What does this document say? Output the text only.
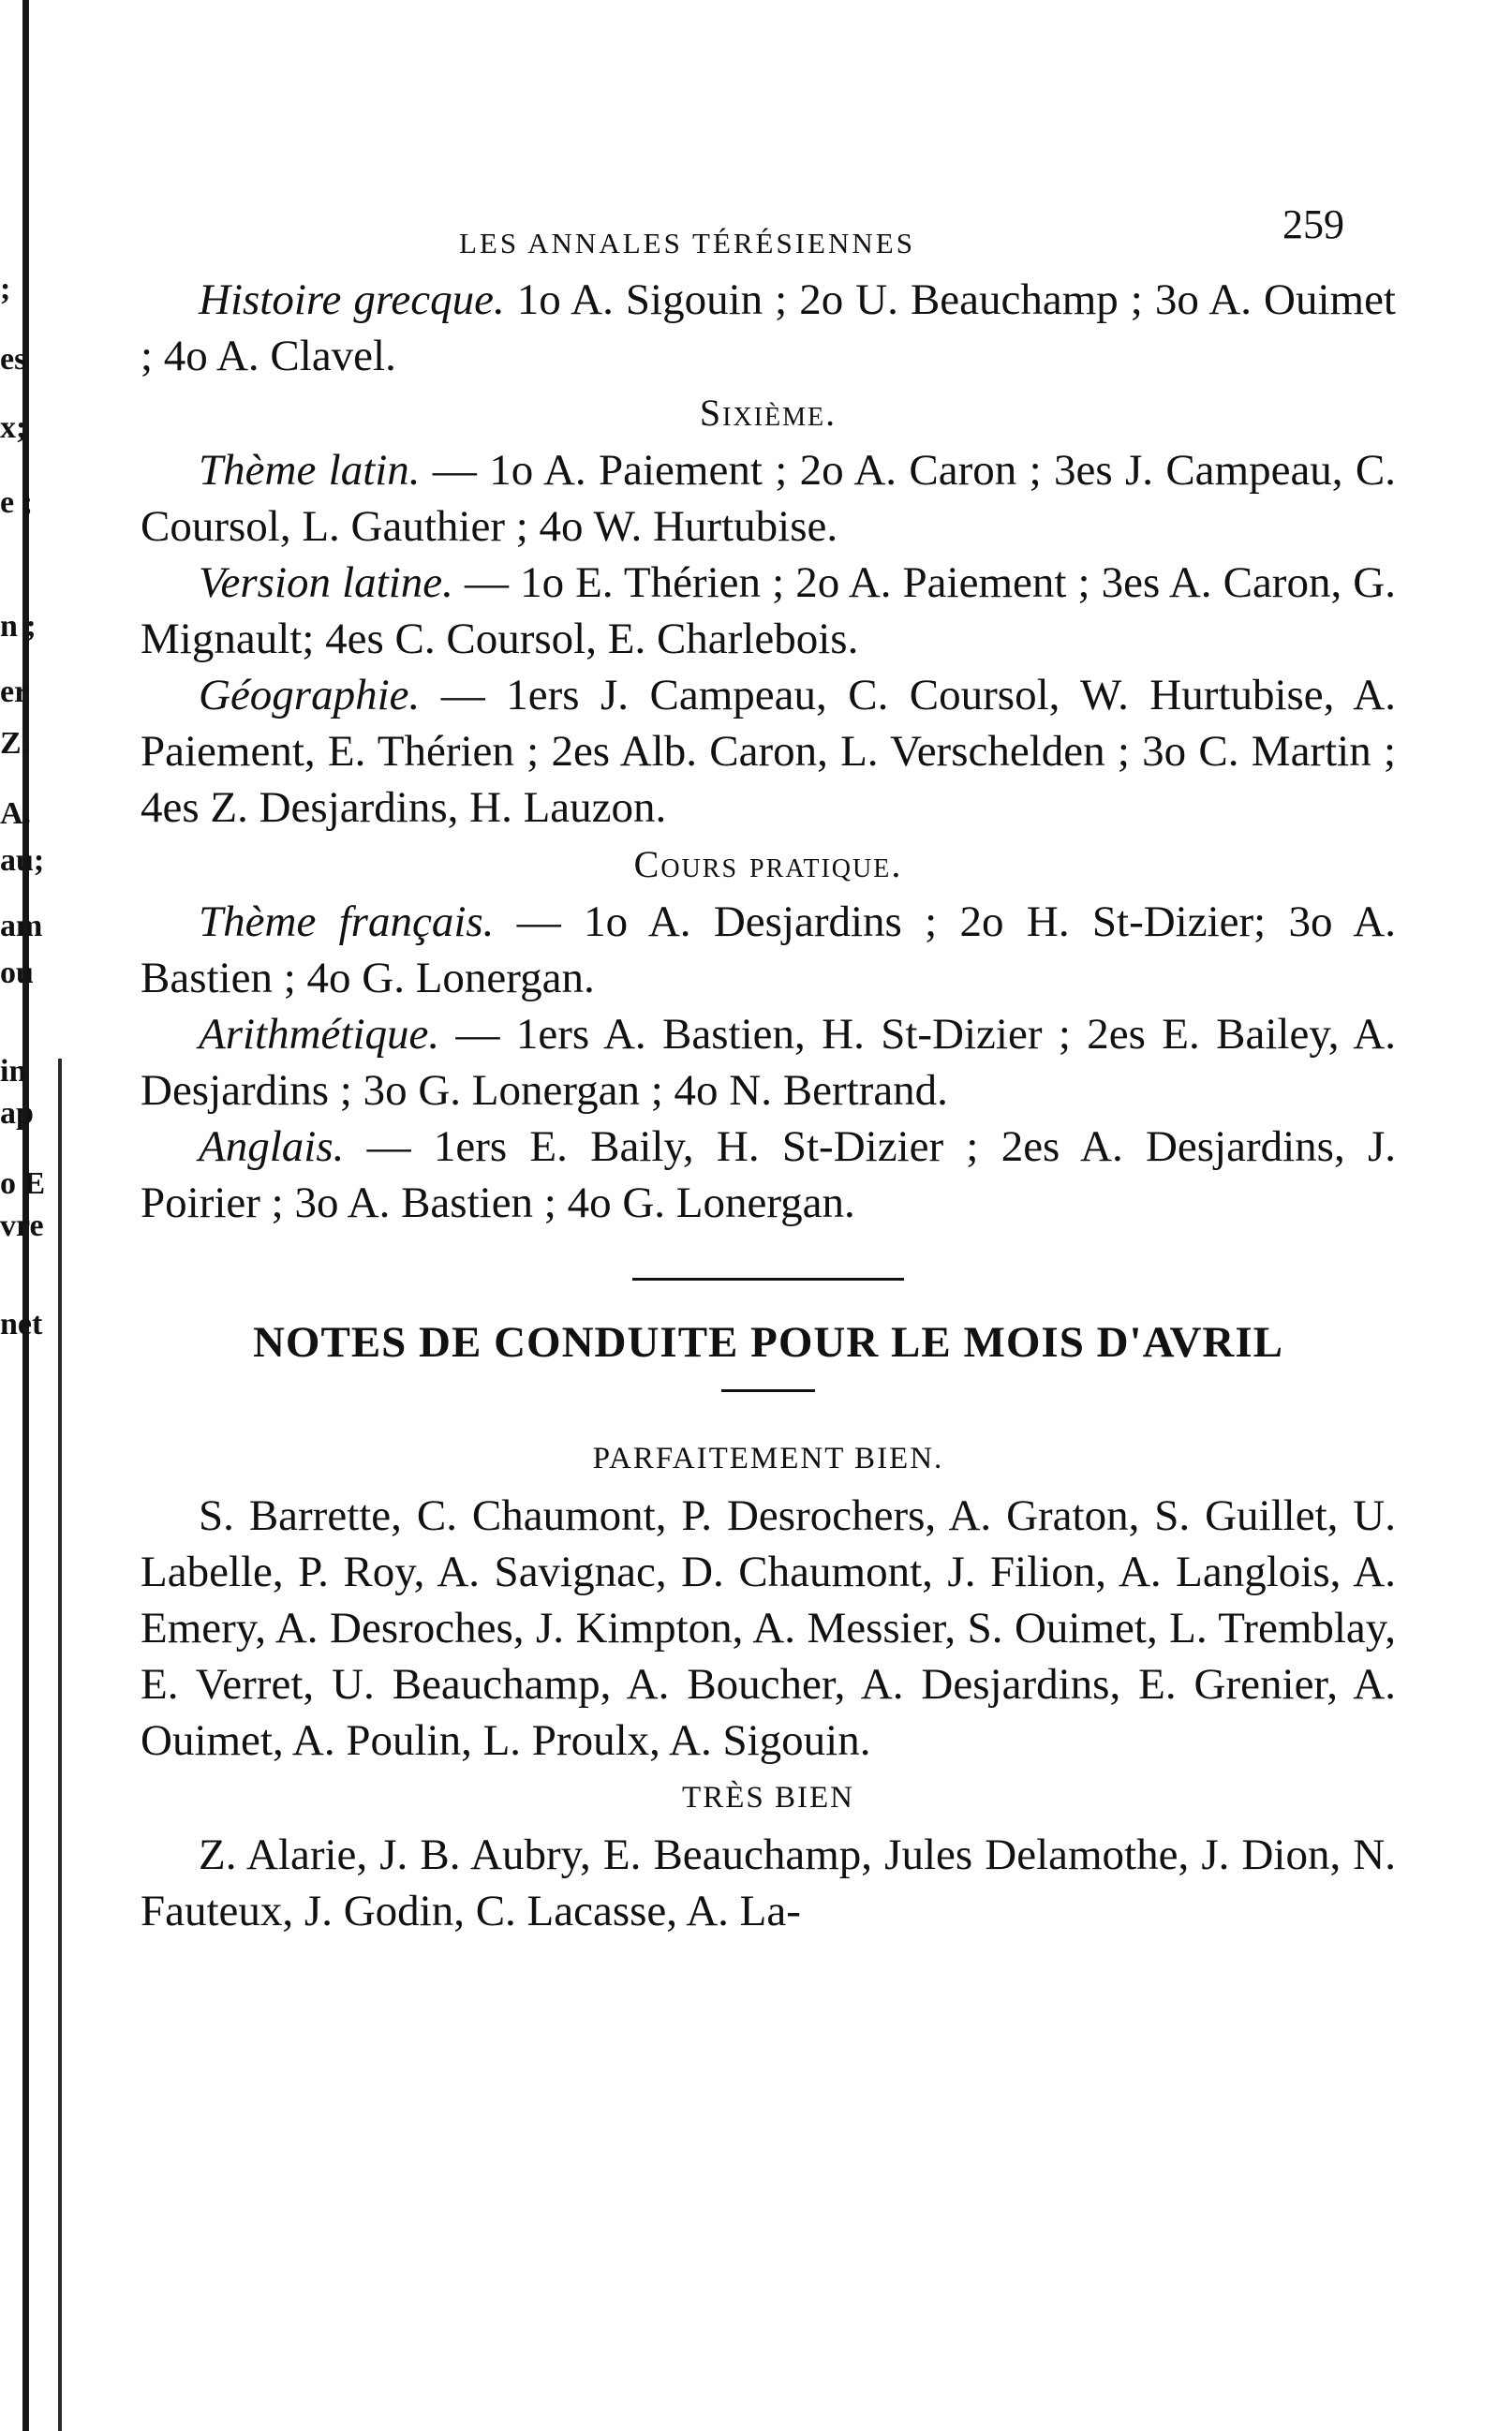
;
es
x;
e ;
n ;
er
Z.
A.
au;
am
ou
in
ap
o E
vre
net
LES ANNALES TÉRÉSIENNES	259

Histoire grecque. 1o A. Sigouin ; 2o U. Beauchamp ; 3o A. Ouimet ; 4o A. Clavel.

Sixième.

Thème latin. — 1o A. Paiement ; 2o A. Caron ; 3es J. Campeau, C. Coursol, L. Gauthier ; 4o W. Hurtubise.

Version latine. — 1o E. Thérien ; 2o A. Paiement ; 3es A. Caron, G. Mignault; 4es C. Coursol, E. Charlebois.

Géographie. — 1ers J. Campeau, C. Coursol, W. Hurtubise, A. Paiement, E. Thérien ; 2es Alb. Caron, L. Verschelden ; 3o C. Martin ; 4es Z. Desjardins, H. Lauzon.

Cours pratique.

Thème français. — 1o A. Desjardins ; 2o H. St-Dizier; 3o A. Bastien ; 4o G. Lonergan.

Arithmétique. — 1ers A. Bastien, H. St-Dizier ; 2es E. Bailey, A. Desjardins ; 3o G. Lonergan ; 4o N. Bertrand.

Anglais. — 1ers E. Baily, H. St-Dizier ; 2es A. Desjardins, J. Poirier ; 3o A. Bastien ; 4o G. Lonergan.

NOTES DE CONDUITE POUR LE MOIS D'AVRIL

PARFAITEMENT BIEN.

S. Barrette, C. Chaumont, P. Desrochers, A. Graton, S. Guillet, U. Labelle, P. Roy, A. Savignac, D. Chaumont, J. Filion, A. Langlois, A. Emery, A. Desroches, J. Kimpton, A. Messier, S. Ouimet, L. Tremblay, E. Verret, U. Beauchamp, A. Boucher, A. Desjardins, E. Grenier, A. Ouimet, A. Poulin, L. Proulx, A. Sigouin.

TRÈS BIEN

Z. Alarie, J. B. Aubry, E. Beauchamp, Jules Delamothe, J. Dion, N. Fauteux, J. Godin, C. Lacasse, A. La-
